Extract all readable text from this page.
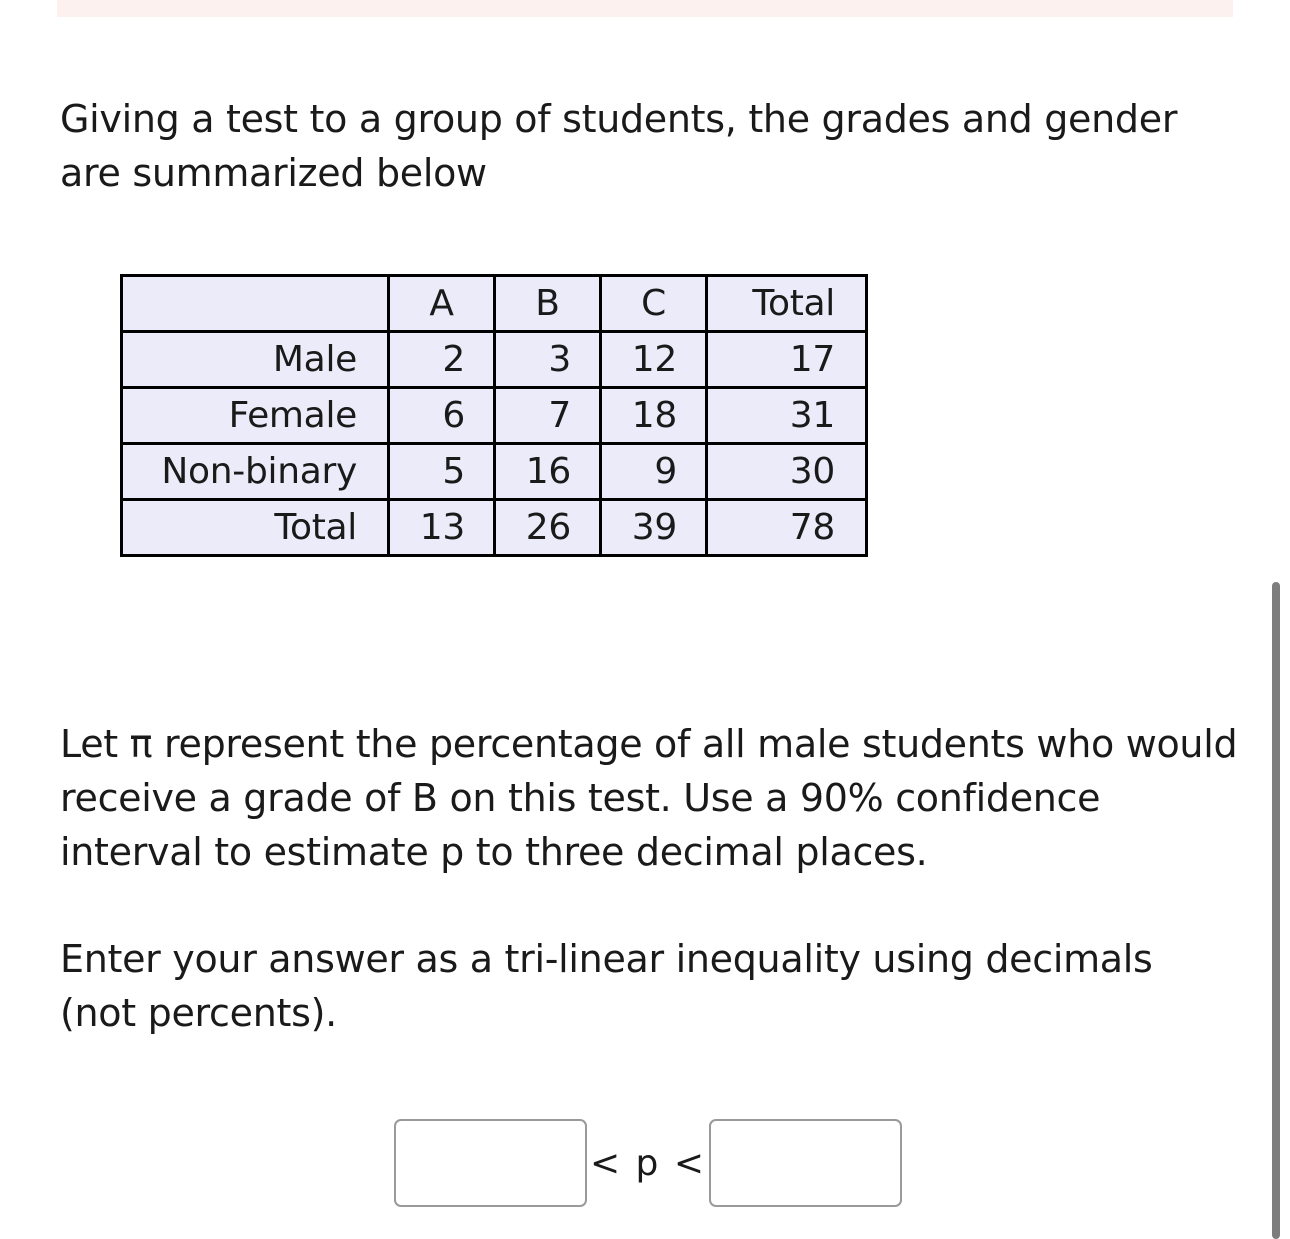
Giving a test to a group of students, the grades and gender are summarized below

	A	B	C	Total
Male	2	3	12	17
Female	6	7	18	31
Non-binary	5	16	9	30
Total	13	26	39	78

Let π represent the percentage of all male students who would receive a grade of B on this test. Use a 90% confidence interval to estimate p to three decimal places.

Enter your answer as a tri-linear inequality using decimals (not percents).

< p <
